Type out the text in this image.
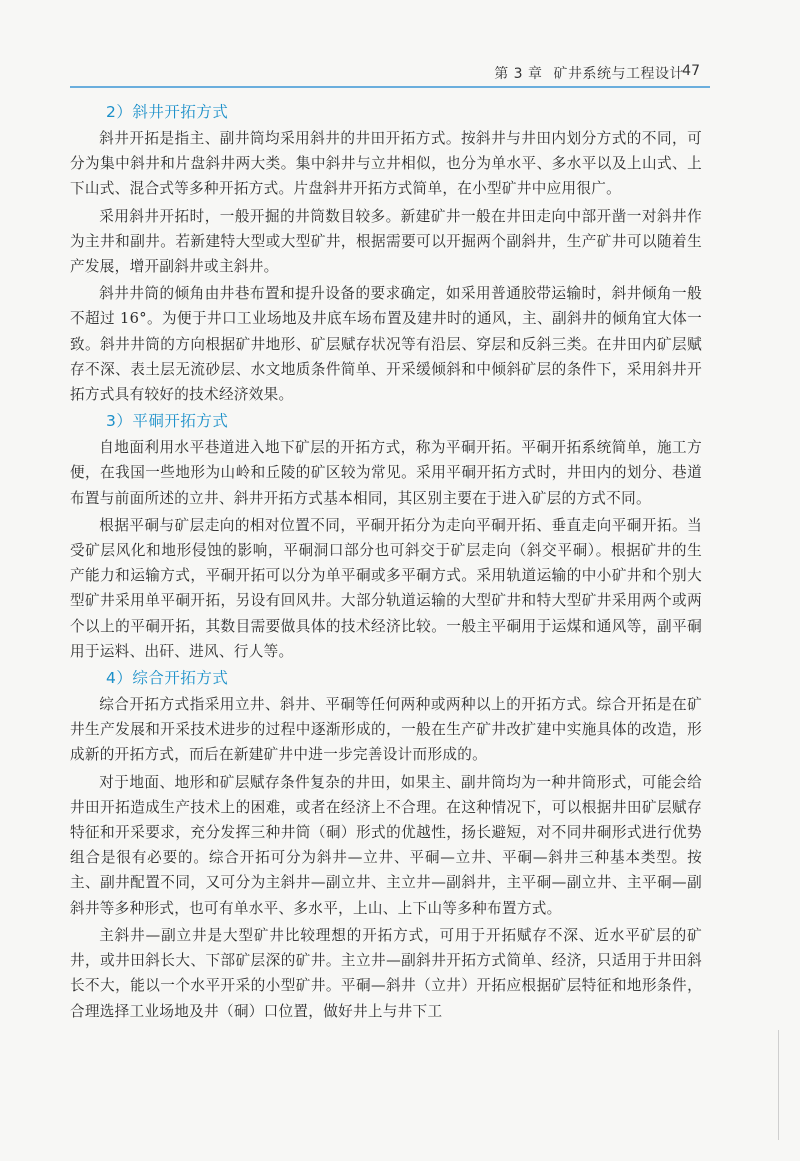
第 3 章 矿井系统与工程设计
47
2）斜井开拓方式

斜井开拓是指主、副井筒均采用斜井的井田开拓方式。按斜井与井田内划分方式的不同，可分为集中斜井和片盘斜井两大类。集中斜井与立井相似，也分为单水平、多水平以及上山式、上下山式、混合式等多种开拓方式。片盘斜井开拓方式简单，在小型矿井中应用很广。

采用斜井开拓时，一般开掘的井筒数目较多。新建矿井一般在井田走向中部开凿一对斜井作为主井和副井。若新建特大型或大型矿井，根据需要可以开掘两个副斜井，生产矿井可以随着生产发展，增开副斜井或主斜井。

斜井井筒的倾角由井巷布置和提升设备的要求确定，如采用普通胶带运输时，斜井倾角一般不超过 16°。为便于井口工业场地及井底车场布置及建井时的通风，主、副斜井的倾角宜大体一致。斜井井筒的方向根据矿井地形、矿层赋存状况等有沿层、穿层和反斜三类。在井田内矿层赋存不深、表土层无流砂层、水文地质条件简单、开采缓倾斜和中倾斜矿层的条件下，采用斜井开拓方式具有较好的技术经济效果。

3）平硐开拓方式

自地面利用水平巷道进入地下矿层的开拓方式，称为平硐开拓。平硐开拓系统简单，施工方便，在我国一些地形为山岭和丘陵的矿区较为常见。采用平硐开拓方式时，井田内的划分、巷道布置与前面所述的立井、斜井开拓方式基本相同，其区别主要在于进入矿层的方式不同。

根据平硐与矿层走向的相对位置不同，平硐开拓分为走向平硐开拓、垂直走向平硐开拓。当受矿层风化和地形侵蚀的影响，平硐洞口部分也可斜交于矿层走向（斜交平硐）。根据矿井的生产能力和运输方式，平硐开拓可以分为单平硐或多平硐方式。采用轨道运输的中小矿井和个别大型矿井采用单平硐开拓，另设有回风井。大部分轨道运输的大型矿井和特大型矿井采用两个或两个以上的平硐开拓，其数目需要做具体的技术经济比较。一般主平硐用于运煤和通风等，副平硐用于运料、出矸、进风、行人等。

4）综合开拓方式

综合开拓方式指采用立井、斜井、平硐等任何两种或两种以上的开拓方式。综合开拓是在矿井生产发展和开采技术进步的过程中逐渐形成的，一般在生产矿井改扩建中实施具体的改造，形成新的开拓方式，而后在新建矿井中进一步完善设计而形成的。

对于地面、地形和矿层赋存条件复杂的井田，如果主、副井筒均为一种井筒形式，可能会给井田开拓造成生产技术上的困难，或者在经济上不合理。在这种情况下，可以根据井田矿层赋存特征和开采要求，充分发挥三种井筒（硐）形式的优越性，扬长避短，对不同井硐形式进行优势组合是很有必要的。综合开拓可分为斜井—立井、平硐—立井、平硐—斜井三种基本类型。按主、副井配置不同，又可分为主斜井—副立井、主立井—副斜井，主平硐—副立井、主平硐—副斜井等多种形式，也可有单水平、多水平，上山、上下山等多种布置方式。

主斜井—副立井是大型矿井比较理想的开拓方式，可用于开拓赋存不深、近水平矿层的矿井，或井田斜长大、下部矿层深的矿井。主立井—副斜井开拓方式简单、经济，只适用于井田斜长不大，能以一个水平开采的小型矿井。平硐—斜井（立井）开拓应根据矿层特征和地形条件，合理选择工业场地及井（硐）口位置，做好井上与井下工
